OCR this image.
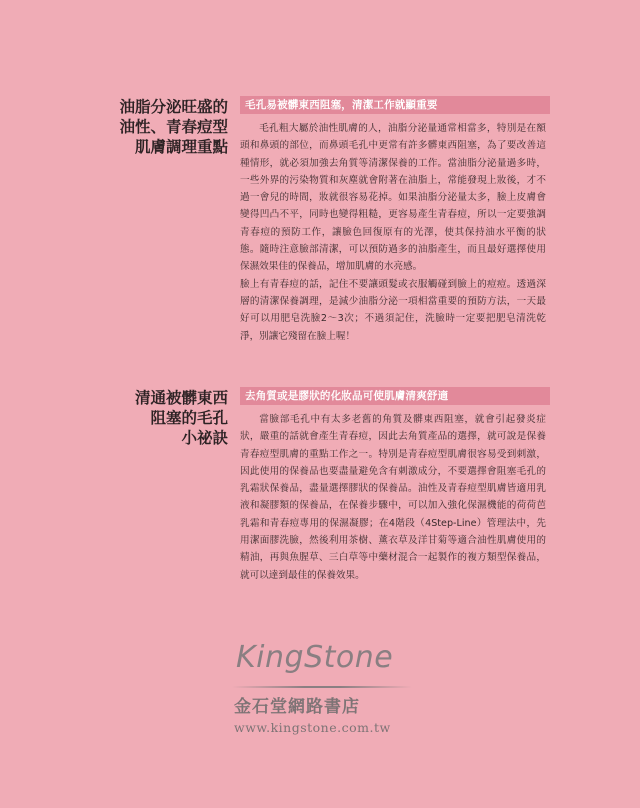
油脂分泌旺盛的
油性、青春痘型
肌膚調理重點
毛孔易被髒東西阻塞，清潔工作就顯重要

毛孔粗大屬於油性肌膚的人，油脂分泌量通常相當多，特別是在額頭和鼻頭的部位，而鼻頭毛孔中更常有許多髒東西阻塞，為了要改善這種情形，就必須加強去角質等清潔保養的工作。當油脂分泌量過多時，一些外界的污染物質和灰塵就會附著在油脂上，常能發現上妝後，才不過一會兒的時間，妝就很容易花掉。如果油脂分泌量太多，臉上皮膚會變得凹凸不平，同時也變得粗糙，更容易產生青春痘，所以一定要強調青春痘的預防工作，讓臉色回復原有的光澤，使其保持油水平衡的狀態。隨時注意臉部清潔，可以預防過多的油脂產生，而且最好選擇使用保濕效果佳的保養品，增加肌膚的水亮感。

臉上有青春痘的話，記住不要讓頭髮或衣服觸碰到臉上的痘痘。透過深層的清潔保養調理，是減少油脂分泌一項相當重要的預防方法，一天最好可以用肥皂洗臉2～3次；不過須記住，洗臉時一定要把肥皂清洗乾淨，別讓它殘留在臉上喔！

清通被髒東西
阻塞的毛孔
小祕訣
去角質或是膠狀的化妝品可使肌膚清爽舒適

當臉部毛孔中有太多老舊的角質及髒東西阻塞，就會引起發炎症狀，嚴重的話就會產生青春痘，因此去角質產品的選擇，就可說是保養青春痘型肌膚的重點工作之一。特別是青春痘型肌膚很容易受到刺激，因此使用的保養品也要盡量避免含有刺激成分，不要選擇會阻塞毛孔的乳霜狀保養品，盡量選擇膠狀的保養品。油性及青春痘型肌膚皆適用乳液和凝膠類的保養品，在保養步驟中，可以加入強化保濕機能的荷荷芭乳霜和青春痘專用的保濕凝膠；在4階段（4Step-Line）管理法中，先用潔面膠洗臉，然後利用茶樹、薰衣草及洋甘菊等適合油性肌膚使用的精油，再與魚腥草、三白草等中藥材混合一起製作的複方類型保養品，就可以達到最佳的保養效果。

KingStone
金石堂網路書店
www.kingstone.com.tw
